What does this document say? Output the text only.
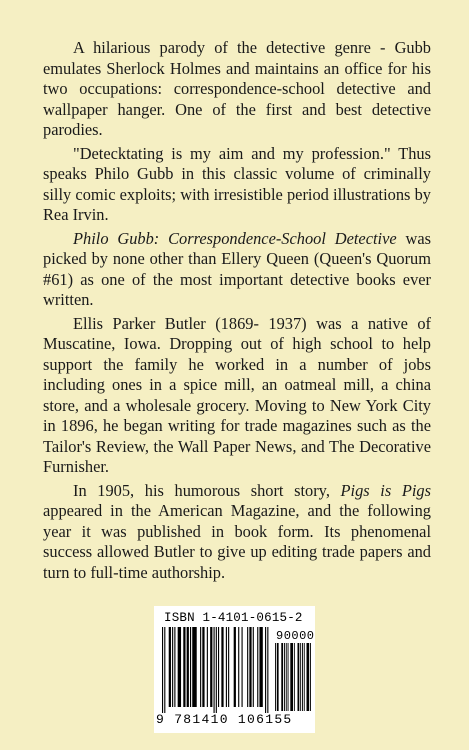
A hilarious parody of the detective genre - Gubb emulates Sherlock Holmes and maintains an office for his two occupations: correspondence-school detective and wallpaper hanger. One of the first and best detective parodies.

"Detecktating is my aim and my profession." Thus speaks Philo Gubb in this classic volume of criminally silly comic exploits; with irresistible period illustrations by Rea Irvin.

Philo Gubb: Correspondence-School Detective was picked by none other than Ellery Queen (Queen's Quorum #61) as one of the most important detective books ever written.

Ellis Parker Butler (1869- 1937) was a native of Muscatine, Iowa. Dropping out of high school to help support the family he worked in a number of jobs including ones in a spice mill, an oatmeal mill, a china store, and a wholesale grocery. Moving to New York City in 1896, he began writing for trade magazines such as the Tailor's Review, the Wall Paper News, and The Decorative Furnisher.

In 1905, his humorous short story, Pigs is Pigs appeared in the American Magazine, and the following year it was published in book form. Its phenomenal success allowed Butler to give up editing trade papers and turn to full-time authorship.

ISBN 1-4101-0615-2
90000
9 781410 106155
